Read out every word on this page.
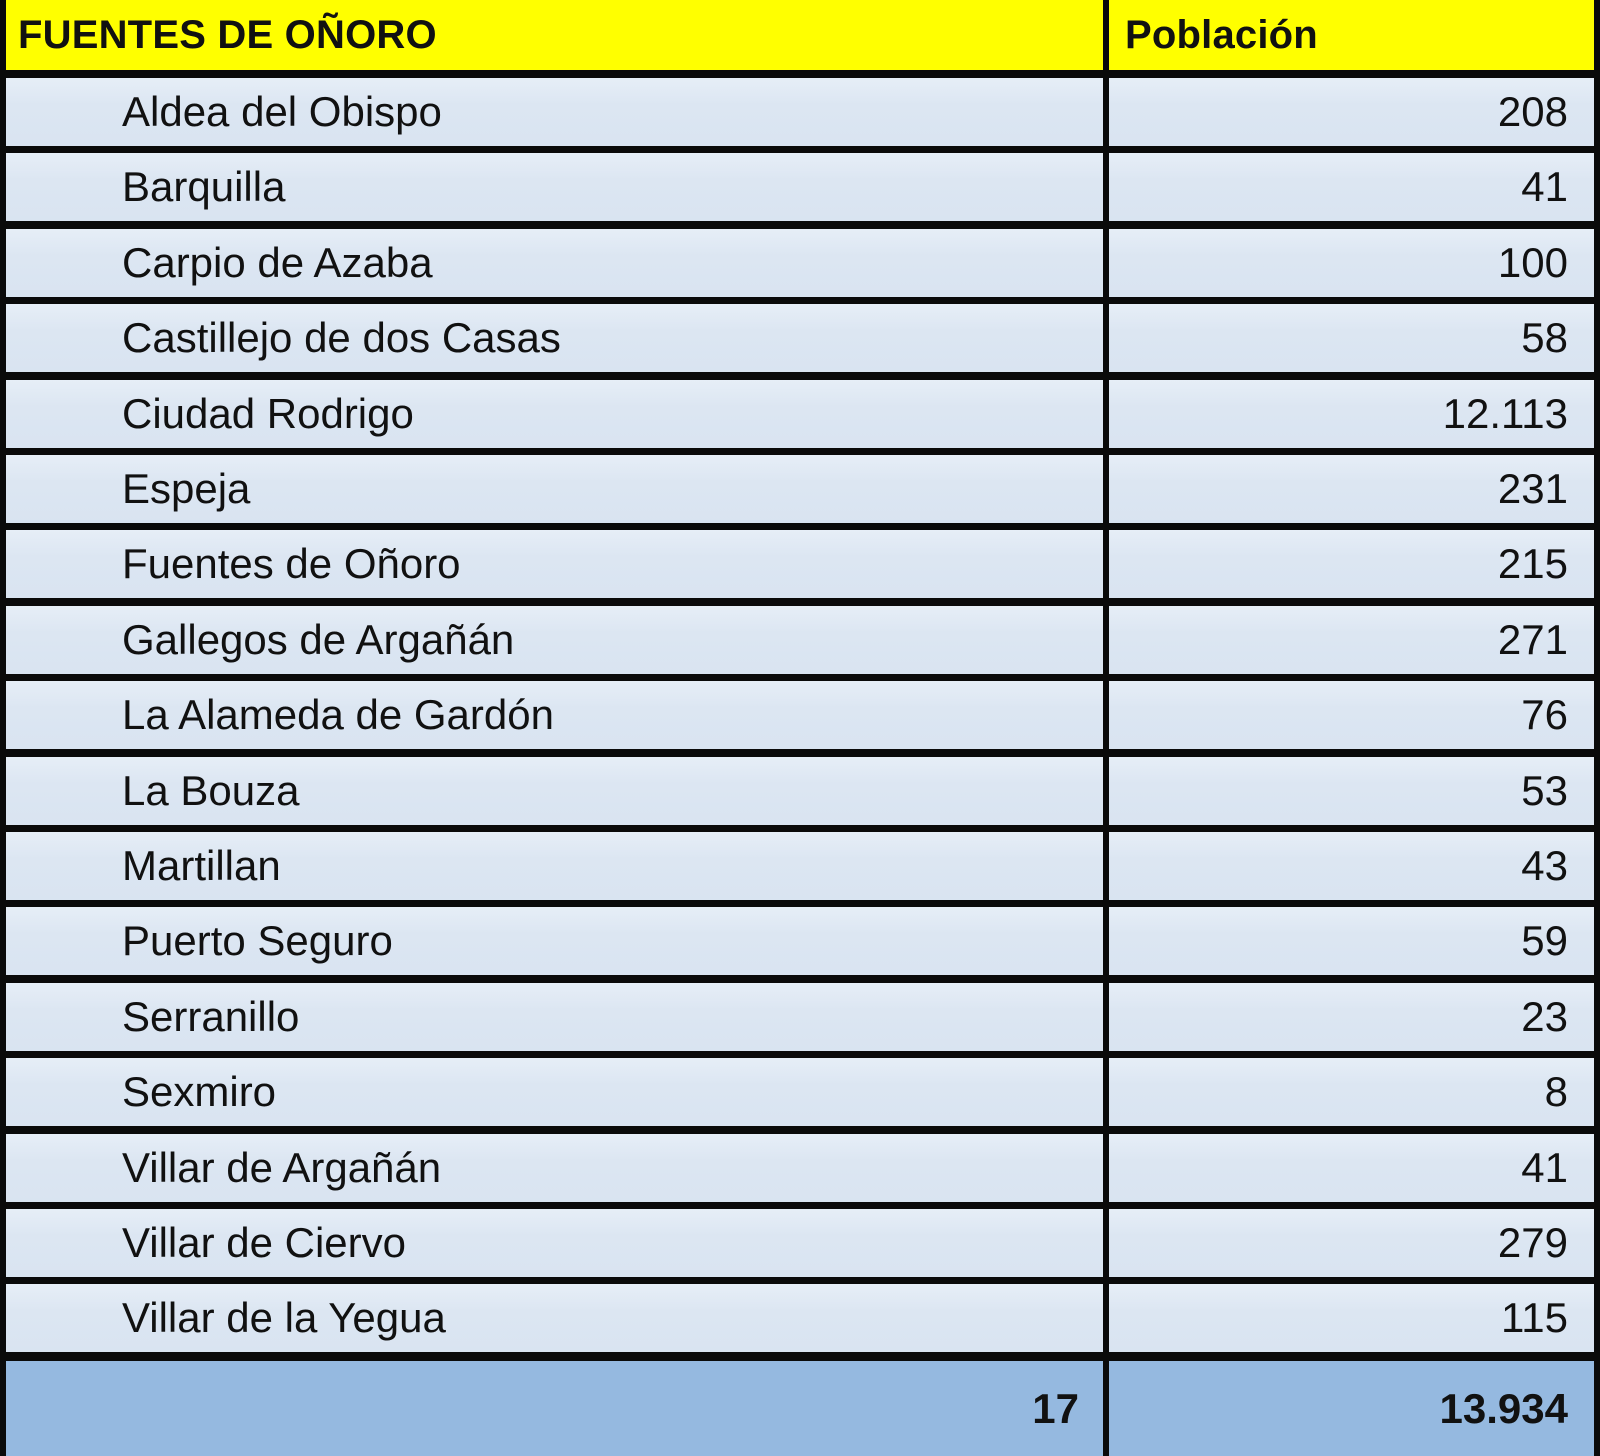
FUENTES DE OÑORO	Población
Aldea del Obispo	208
Barquilla	41
Carpio de Azaba	100
Castillejo de dos Casas	58
Ciudad Rodrigo	12.113
Espeja	231
Fuentes de Oñoro	215
Gallegos de Argañán	271
La Alameda de Gardón	76
La Bouza	53
Martillan	43
Puerto Seguro	59
Serranillo	23
Sexmiro	8
Villar de Argañán	41
Villar de Ciervo	279
Villar de la Yegua	115
17	13.934
